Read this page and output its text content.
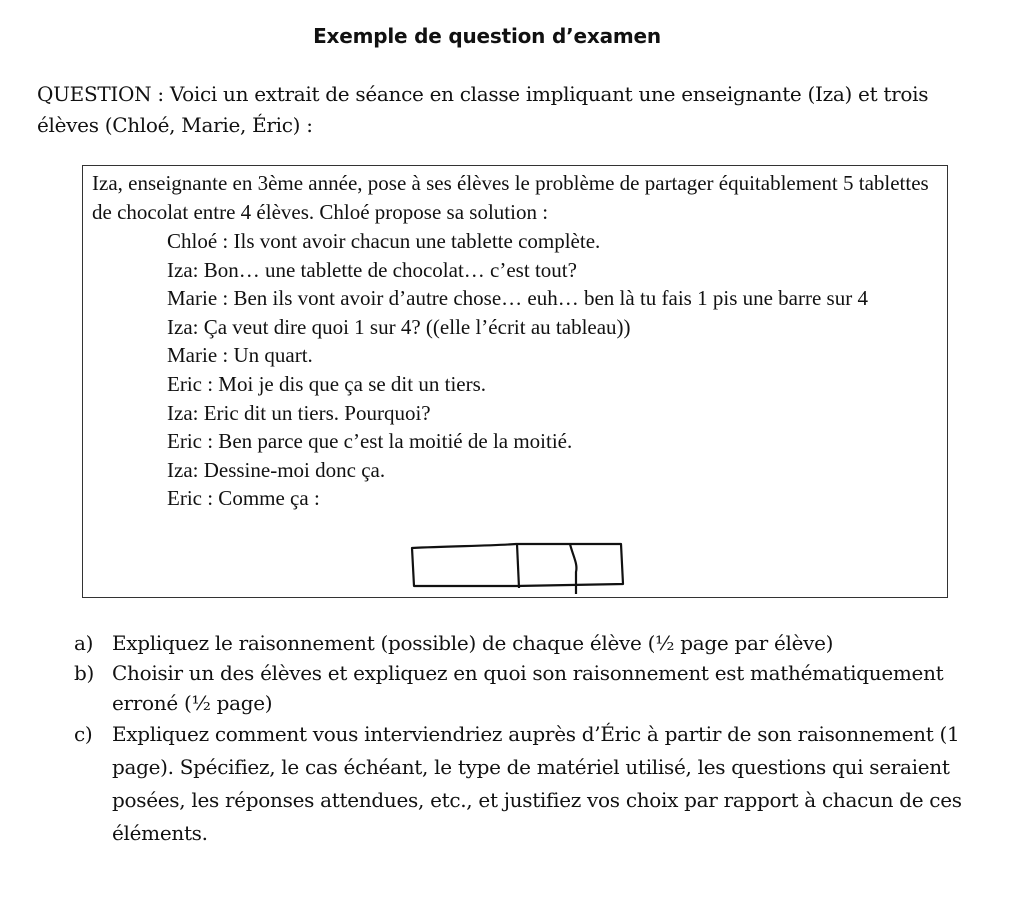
Exemple de question d’examen
QUESTION : Voici un extrait de séance en classe impliquant une enseignante (Iza) et trois élèves (Chloé, Marie, Éric) :
Iza, enseignante en 3ème année, pose à ses élèves le problème de partager équitablement 5 tablettes de chocolat entre 4 élèves. Chloé propose sa solution :

Chloé : Ils vont avoir chacun une tablette complète.

Iza: Bon… une tablette de chocolat… c’est tout?

Marie : Ben ils vont avoir d’autre chose… euh… ben là tu fais 1 pis une barre sur 4

Iza: Ça veut dire quoi 1 sur 4? ((elle l’écrit au tableau))

Marie : Un quart.

Eric : Moi je dis que ça se dit un tiers.

Iza: Eric dit un tiers. Pourquoi?

Eric : Ben parce que c’est la moitié de la moitié.

Iza: Dessine-moi donc ça.

Eric : Comme ça :

a) Expliquez le raisonnement (possible) de chaque élève (½ page par élève)
b) Choisir un des élèves et expliquez en quoi son raisonnement est mathématiquement erroné (½ page)
c) Expliquez comment vous interviendriez auprès d’Éric à partir de son raisonnement (1 page). Spécifiez, le cas échéant, le type de matériel utilisé, les questions qui seraient posées, les réponses attendues, etc., et justifiez vos choix par rapport à chacun de ces éléments.
